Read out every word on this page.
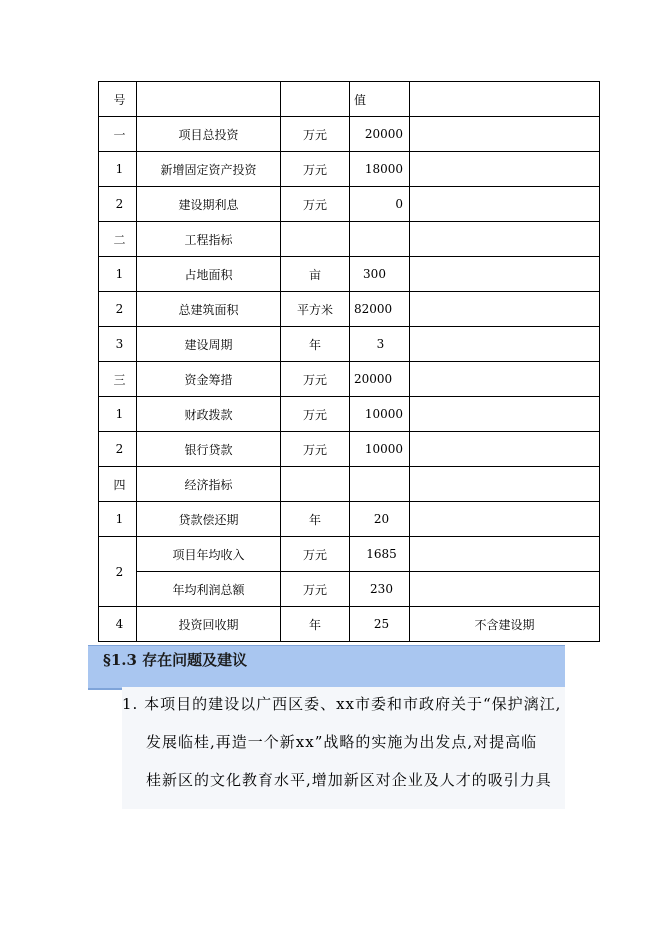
号			值	
一	项目总投资	万元	20000	
1	新增固定资产投资	万元	18000	
2	建设期利息	万元	0	
二	工程指标			
1	占地面积	亩	300	
2	总建筑面积	平方米	82000	
3	建设周期	年	3	
三	资金筹措	万元	20000	
1	财政拨款	万元	10000	
2	银行贷款	万元	10000	
四	经济指标			
1	贷款偿还期	年	20	
2	项目年均收入	万元	1685	
	年均利润总额	万元	230	
4	投资回收期	年	25	不含建设期
§1.3 存在问题及建议
1. 本项目的建设以广西区委、xx市委和市政府关于“保护漓江,
发展临桂,再造一个新xx”战略的实施为出发点,对提高临
桂新区的文化教育水平,增加新区对企业及人才的吸引力具
